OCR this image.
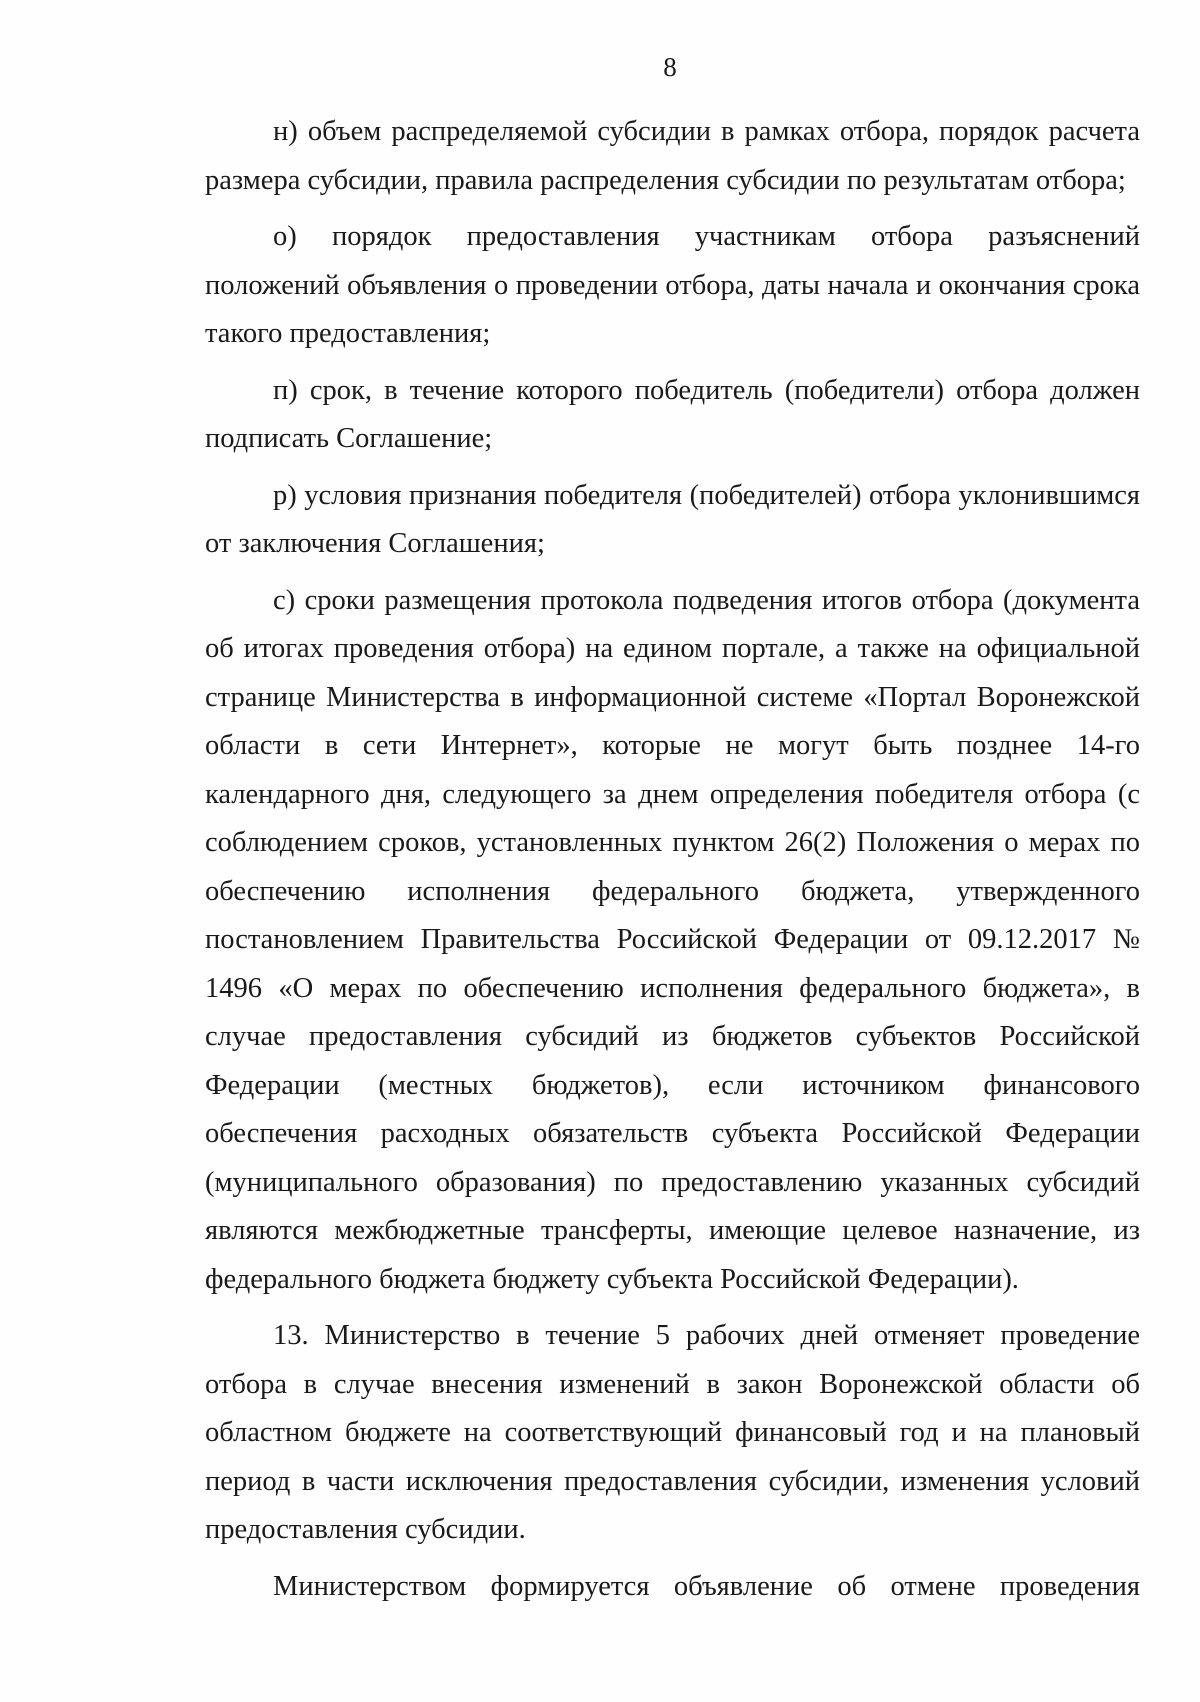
8

н) объем распределяемой субсидии в рамках отбора, порядок расчета размера субсидии, правила распределения субсидии по результатам отбора;

о) порядок предоставления участникам отбора разъяснений положений объявления о проведении отбора, даты начала и окончания срока такого предоставления;

п) срок, в течение которого победитель (победители) отбора должен подписать Соглашение;

р) условия признания победителя (победителей) отбора уклонившимся от заключения Соглашения;

с) сроки размещения протокола подведения итогов отбора (документа об итогах проведения отбора) на едином портале, а также на официальной странице Министерства в информационной системе «Портал Воронежской области в сети Интернет», которые не могут быть позднее 14-го календарного дня, следующего за днем определения победителя отбора (с соблюдением сроков, установленных пунктом 26(2) Положения о мерах по обеспечению исполнения федерального бюджета, утвержденного постановлением Правительства Российской Федерации от 09.12.2017 № 1496 «О мерах по обеспечению исполнения федерального бюджета», в случае предоставления субсидий из бюджетов субъектов Российской Федерации (местных бюджетов), если источником финансового обеспечения расходных обязательств субъекта Российской Федерации (муниципального образования) по предоставлению указанных субсидий являются межбюджетные трансферты, имеющие целевое назначение, из федерального бюджета бюджету субъекта Российской Федерации).

13. Министерство в течение 5 рабочих дней отменяет проведение отбора в случае внесения изменений в закон Воронежской области об областном бюджете на соответствующий финансовый год и на плановый период в части исключения предоставления субсидии, изменения условий предоставления субсидии.

Министерством формируется объявление об отмене проведения
